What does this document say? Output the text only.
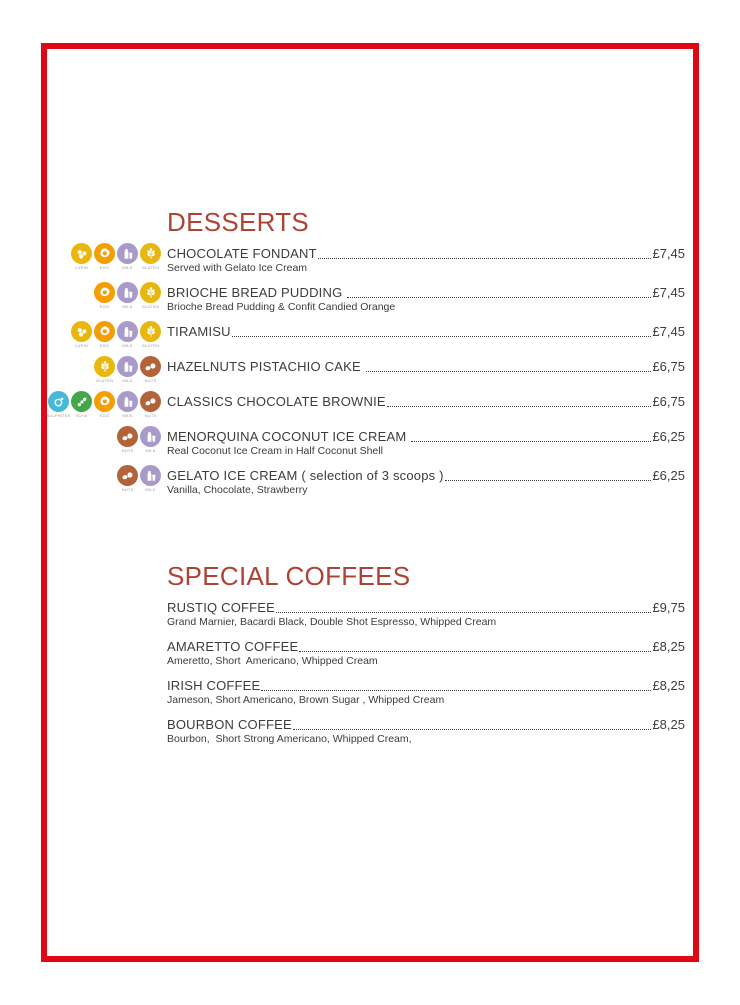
DESSERTS
LUPIN	EGG	MILK GLUTEN
CHOCOLATE FONDANT	£7,45
Served with Gelato Ice Cream
EGG	MILK GLUTEN
BRIOCHE BREAD PUDDING	£7,45
Brioche Bread Pudding & Confit Candied Orange
LUPIN	EGG	MILK GLUTEN
TIRAMISU	£7,45
GLUTEN MILK	NUTS
HAZELNUTS PISTACHIO CAKE	£6,75
SULPHITES SOYA	EGG	MILK	NUTS
CLASSICS CHOCOLATE BROWNIE	£6,75
NUTS	MILK
MENORQUINA COCONUT ICE CREAM	£6,25
Real Coconut Ice Cream in Half Coconut Shell
NUTS	MILK
GELATO ICE CREAM ( selection of 3 scoops )	£6,25
Vanilla, Chocolate, Strawberry
SPECIAL COFFEES
RUSTIQ COFFEE	£9,75
Grand Marnier, Bacardi Black, Double Shot Espresso, Whipped Cream
AMARETTO COFFEE	£8,25
Ameretto, Short  Americano, Whipped Cream
IRISH COFFEE	£8,25
Jameson, Short Americano, Brown Sugar , Whipped Cream
BOURBON COFFEE	£8,25
Bourbon,  Short Strong Americano, Whipped Cream,
